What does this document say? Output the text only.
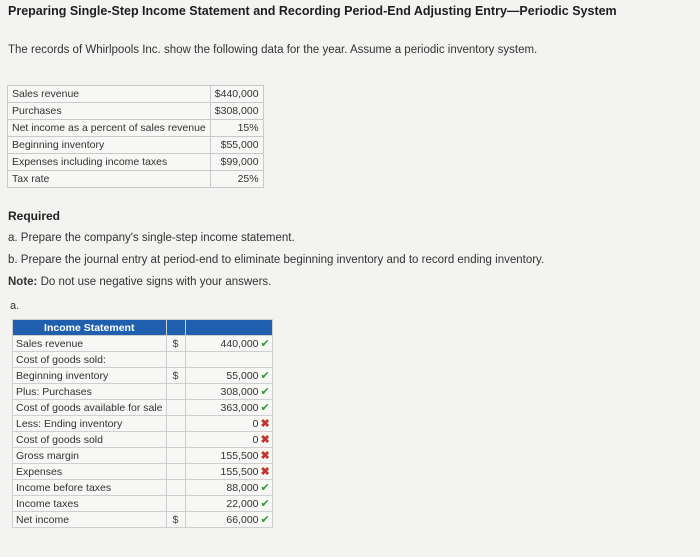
Preparing Single-Step Income Statement and Recording Period-End Adjusting Entry—Periodic System
The records of Whirlpools Inc. show the following data for the year. Assume a periodic inventory system.
Sales revenue	$440,000
Purchases	$308,000
Net income as a percent of sales revenue	15%
Beginning inventory	$55,000
Expenses including income taxes	$99,000
Tax rate	25%
Required
a. Prepare the company's single-step income statement.
b. Prepare the journal entry at period-end to eliminate beginning inventory and to record ending inventory.
Note: Do not use negative signs with your answers.
a.
Income Statement			
Sales revenue	$	440,000	✔
Cost of goods sold:			
Beginning inventory	$	55,000	✔
Plus: Purchases		308,000	✔
Cost of goods available for sale		363,000	✔
Less: Ending inventory		0	✖
Cost of goods sold		0	✖
Gross margin		155,500	✖
Expenses		155,500	✖
Income before taxes		88,000	✔
Income taxes		22,000	✔
Net income	$	66,000	✔
